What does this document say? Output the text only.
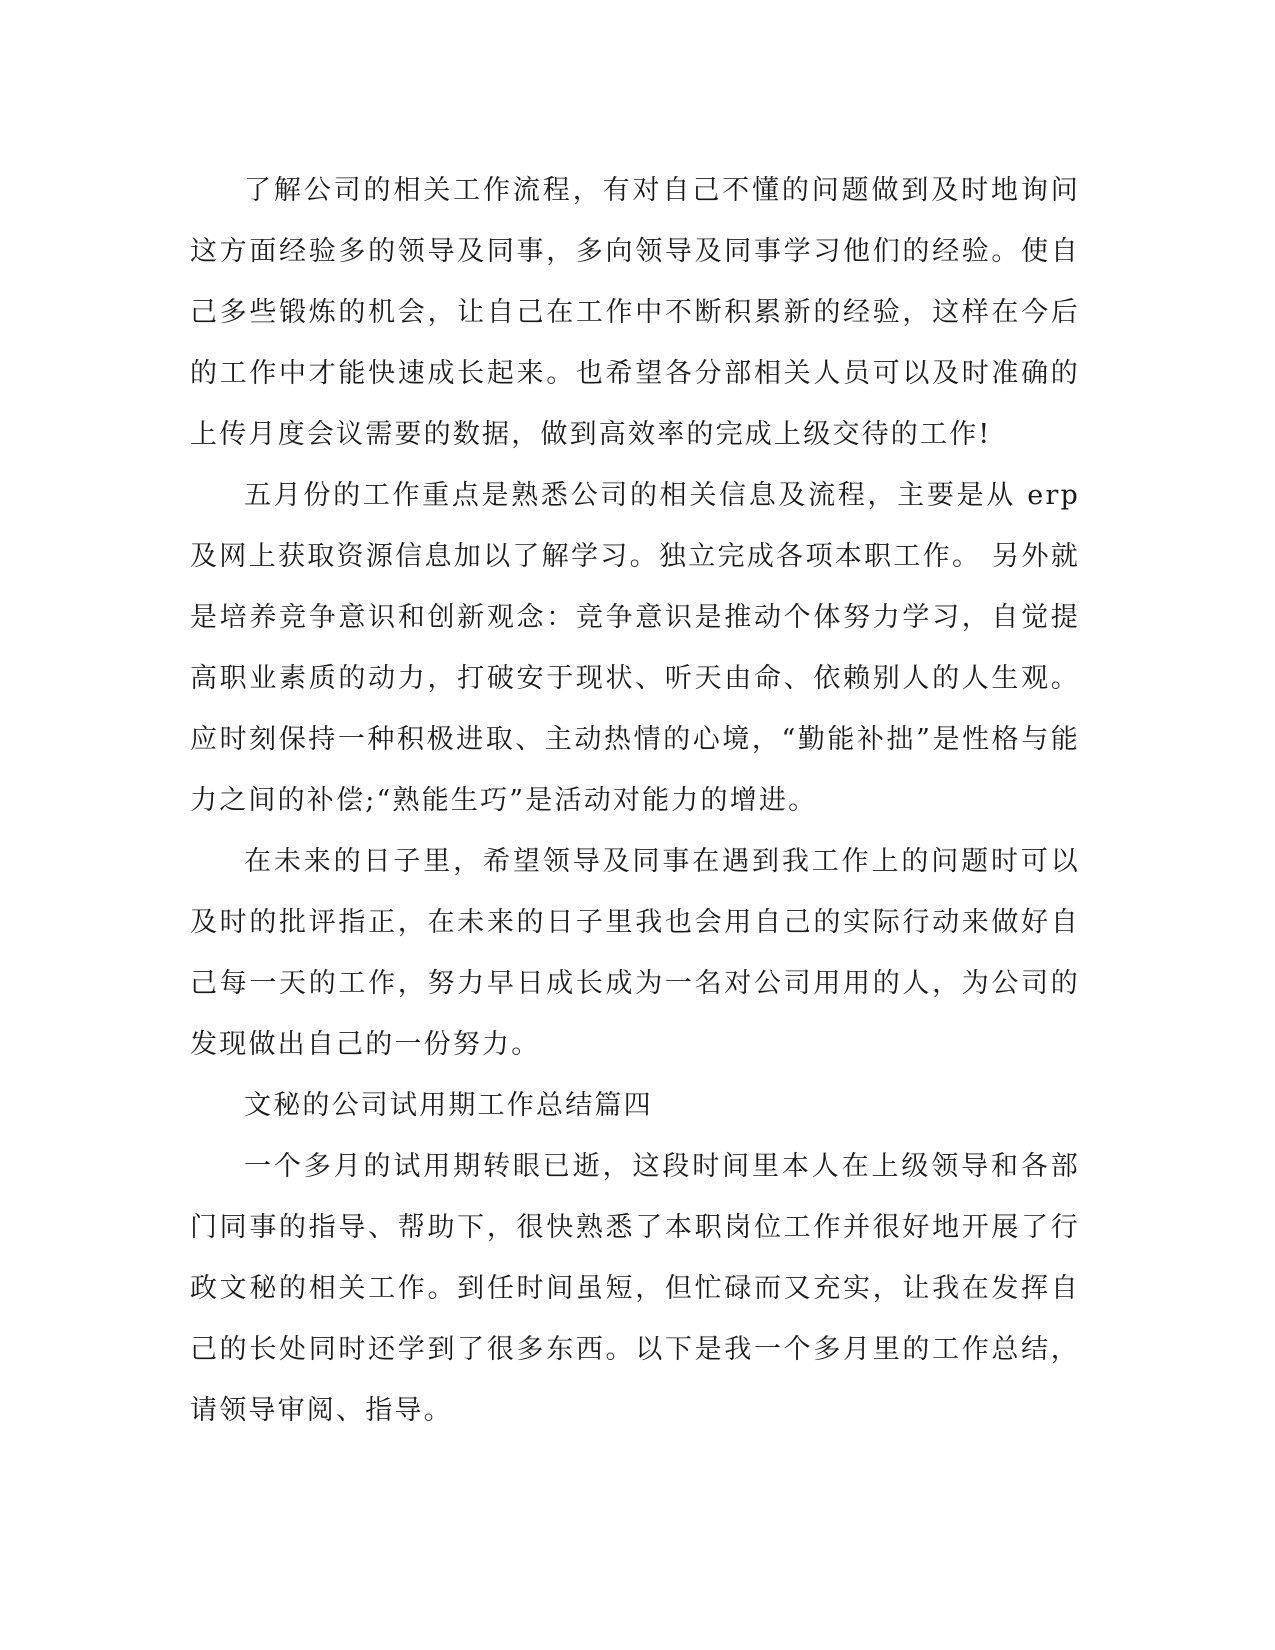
了解公司的相关工作流程，有对自己不懂的问题做到及时地询问这方面经验多的领导及同事，多向领导及同事学习他们的经验。使自己多些锻炼的机会，让自己在工作中不断积累新的经验，这样在今后的工作中才能快速成长起来。也希望各分部相关人员可以及时准确的上传月度会议需要的数据，做到高效率的完成上级交待的工作!

五月份的工作重点是熟悉公司的相关信息及流程，主要是从 erp及网上获取资源信息加以了解学习。独立完成各项本职工作。 另外就是培养竞争意识和创新观念：竞争意识是推动个体努力学习，自觉提高职业素质的动力，打破安于现状、听天由命、依赖别人的人生观。应时刻保持一种积极进取、主动热情的心境，“勤能补拙”是性格与能力之间的补偿;“熟能生巧”是活动对能力的增进。

在未来的日子里，希望领导及同事在遇到我工作上的问题时可以及时的批评指正，在未来的日子里我也会用自己的实际行动来做好自己每一天的工作，努力早日成长成为一名对公司用用的人，为公司的发现做出自己的一份努力。

文秘的公司试用期工作总结篇四

一个多月的试用期转眼已逝，这段时间里本人在上级领导和各部门同事的指导、帮助下，很快熟悉了本职岗位工作并很好地开展了行政文秘的相关工作。到任时间虽短，但忙碌而又充实，让我在发挥自己的长处同时还学到了很多东西。以下是我一个多月里的工作总结，请领导审阅、指导。
